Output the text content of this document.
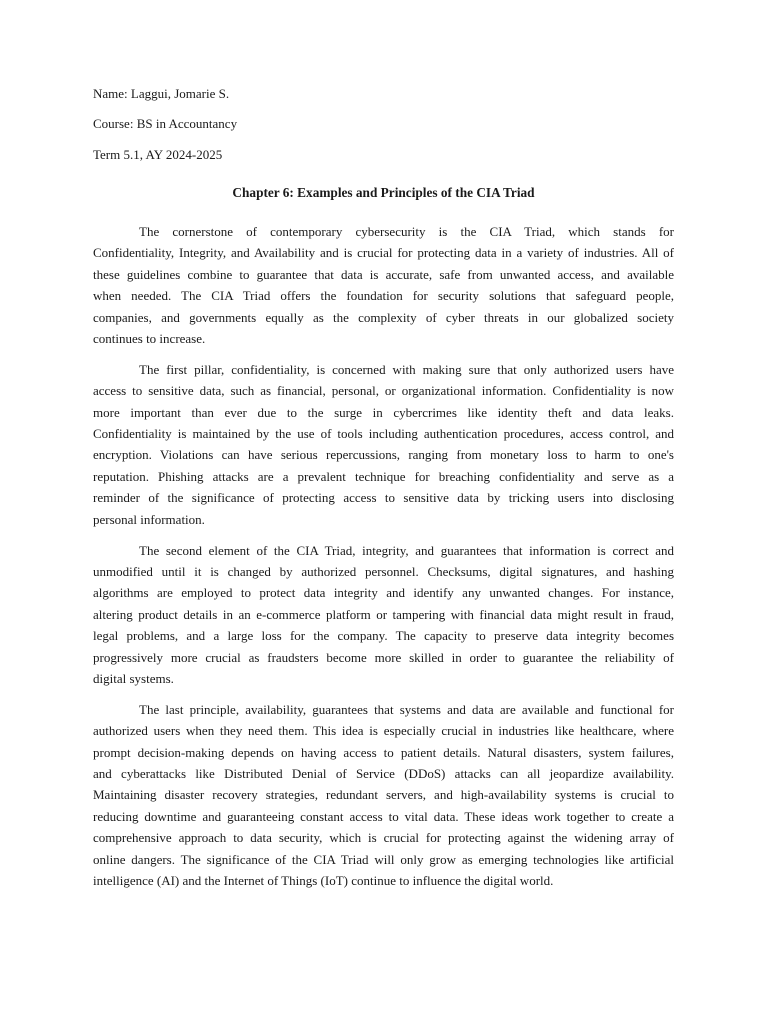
Name: Laggui, Jomarie S.
Course: BS in Accountancy
Term 5.1, AY 2024-2025
Chapter 6: Examples and Principles of the CIA Triad
The cornerstone of contemporary cybersecurity is the CIA Triad, which stands for
Confidentiality, Integrity, and Availability and is crucial for protecting data in a variety of industries. All of
these guidelines combine to guarantee that data is accurate, safe from unwanted access, and available
when needed. The CIA Triad offers the foundation for security solutions that safeguard people,
companies, and governments equally as the complexity of cyber threats in our globalized society
continues to increase.
The first pillar, confidentiality, is concerned with making sure that only authorized users have
access to sensitive data, such as financial, personal, or organizational information. Confidentiality is now
more important than ever due to the surge in cybercrimes like identity theft and data leaks.
Confidentiality is maintained by the use of tools including authentication procedures, access control, and
encryption. Violations can have serious repercussions, ranging from monetary loss to harm to one's
reputation. Phishing attacks are a prevalent technique for breaching confidentiality and serve as a
reminder of the significance of protecting access to sensitive data by tricking users into disclosing
personal information.
The second element of the CIA Triad, integrity, and guarantees that information is correct and
unmodified until it is changed by authorized personnel. Checksums, digital signatures, and hashing
algorithms are employed to protect data integrity and identify any unwanted changes. For instance,
altering product details in an e-commerce platform or tampering with financial data might result in fraud,
legal problems, and a large loss for the company. The capacity to preserve data integrity becomes
progressively more crucial as fraudsters become more skilled in order to guarantee the reliability of
digital systems.
The last principle, availability, guarantees that systems and data are available and functional for
authorized users when they need them. This idea is especially crucial in industries like healthcare, where
prompt decision-making depends on having access to patient details. Natural disasters, system failures,
and cyberattacks like Distributed Denial of Service (DDoS) attacks can all jeopardize availability.
Maintaining disaster recovery strategies, redundant servers, and high-availability systems is crucial to
reducing downtime and guaranteeing constant access to vital data. These ideas work together to create a
comprehensive approach to data security, which is crucial for protecting against the widening array of
online dangers. The significance of the CIA Triad will only grow as emerging technologies like artificial
intelligence (AI) and the Internet of Things (IoT) continue to influence the digital world.
